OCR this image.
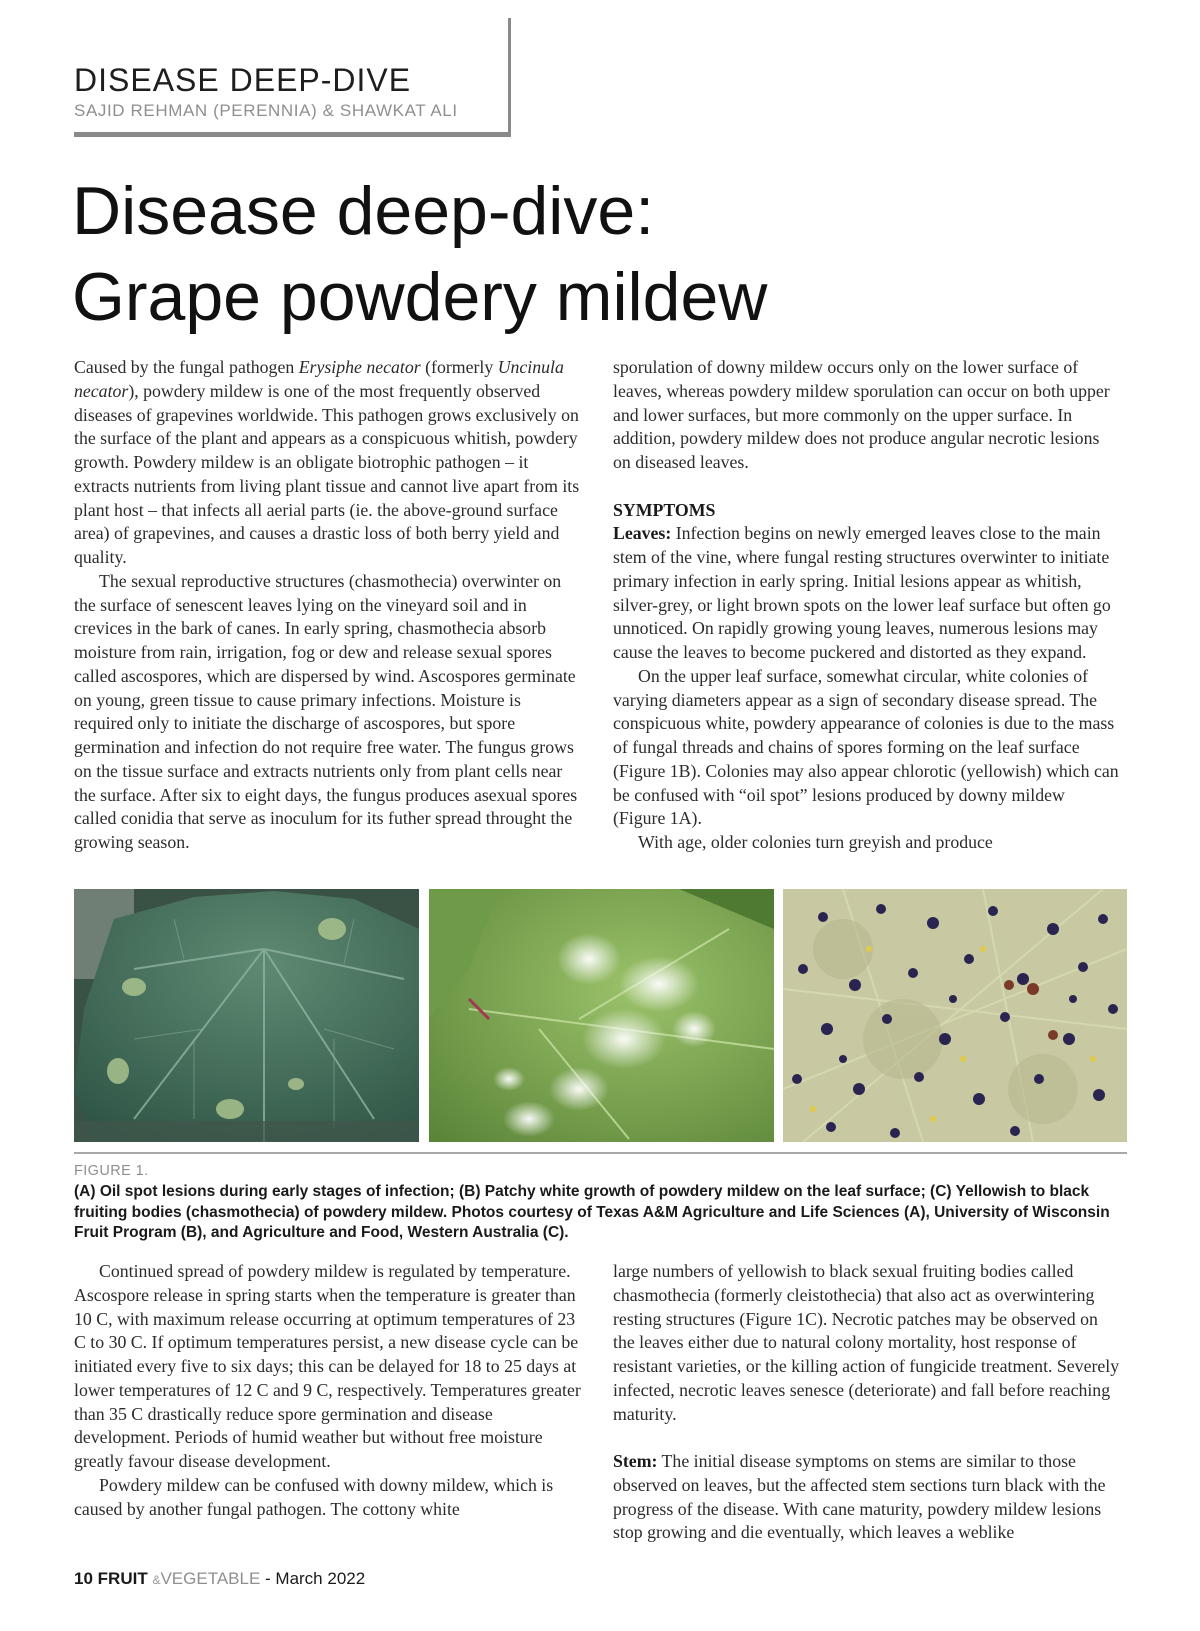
DISEASE DEEP-DIVE
SAJID REHMAN (PERENNIA) & SHAWKAT ALI
Disease deep-dive:
Grape powdery mildew

Caused by the fungal pathogen Erysiphe necator (formerly Uncinula necator), powdery mildew is one of the most frequently observed diseases of grapevines worldwide. This pathogen grows exclusively on the surface of the plant and appears as a conspicuous whitish, powdery growth. Powdery mildew is an obligate biotrophic pathogen – it extracts nutrients from living plant tissue and cannot live apart from its plant host – that infects all aerial parts (ie. the above-ground surface area) of grapevines, and causes a drastic loss of both berry yield and quality.

The sexual reproductive structures (chasmothecia) overwinter on the surface of senescent leaves lying on the vineyard soil and in crevices in the bark of canes. In early spring, chasmothecia absorb moisture from rain, irrigation, fog or dew and release sexual spores called ascospores, which are dispersed by wind. Ascospores germinate on young, green tissue to cause primary infections. Moisture is required only to initiate the discharge of ascospores, but spore germination and infection do not require free water. The fungus grows on the tissue surface and extracts nutrients only from plant cells near the surface. After six to eight days, the fungus produces asexual spores called conidia that serve as inoculum for its futher spread throught the growing season.

sporulation of downy mildew occurs only on the lower surface of leaves, whereas powdery mildew sporulation can occur on both upper and lower surfaces, but more commonly on the upper surface. In addition, powdery mildew does not produce angular necrotic lesions on diseased leaves.

SYMPTOMS

Leaves: Infection begins on newly emerged leaves close to the main stem of the vine, where fungal resting structures overwinter to initiate primary infection in early spring. Initial lesions appear as whitish, silver-grey, or light brown spots on the lower leaf surface but often go unnoticed. On rapidly growing young leaves, numerous lesions may cause the leaves to become puckered and distorted as they expand.

On the upper leaf surface, somewhat circular, white colonies of varying diameters appear as a sign of secondary disease spread. The conspicuous white, powdery appearance of colonies is due to the mass of fungal threads and chains of spores forming on the leaf surface (Figure 1B). Colonies may also appear chlorotic (yellowish) which can be confused with “oil spot” lesions produced by downy mildew (Figure 1A).

With age, older colonies turn greyish and produce

FIGURE 1.
(A) Oil spot lesions during early stages of infection; (B) Patchy white growth of powdery mildew on the leaf surface; (C) Yellowish to black fruiting bodies (chasmothecia) of powdery mildew. Photos courtesy of Texas A&M Agriculture and Life Sciences (A), University of Wisconsin Fruit Program (B), and Agriculture and Food, Western Australia (C).

Continued spread of powdery mildew is regulated by temperature. Ascospore release in spring starts when the temperature is greater than 10 C, with maximum release occurring at optimum temperatures of 23 C to 30 C. If optimum temperatures persist, a new disease cycle can be initiated every five to six days; this can be delayed for 18 to 25 days at lower temperatures of 12 C and 9 C, respectively. Temperatures greater than 35 C drastically reduce spore germination and disease development. Periods of humid weather but without free moisture greatly favour disease development.

Powdery mildew can be confused with downy mildew, which is caused by another fungal pathogen. The cottony white

large numbers of yellowish to black sexual fruiting bodies called chasmothecia (formerly cleistothecia) that also act as overwintering resting structures (Figure 1C). Necrotic patches may be observed on the leaves either due to natural colony mortality, host response of resistant varieties, or the killing action of fungicide treatment. Severely infected, necrotic leaves senesce (deteriorate) and fall before reaching maturity.

Stem: The initial disease symptoms on stems are similar to those observed on leaves, but the affected stem sections turn black with the progress of the disease. With cane maturity, powdery mildew lesions stop growing and die eventually, which leaves a weblike

10 FRUIT &VEGETABLE - March 2022
